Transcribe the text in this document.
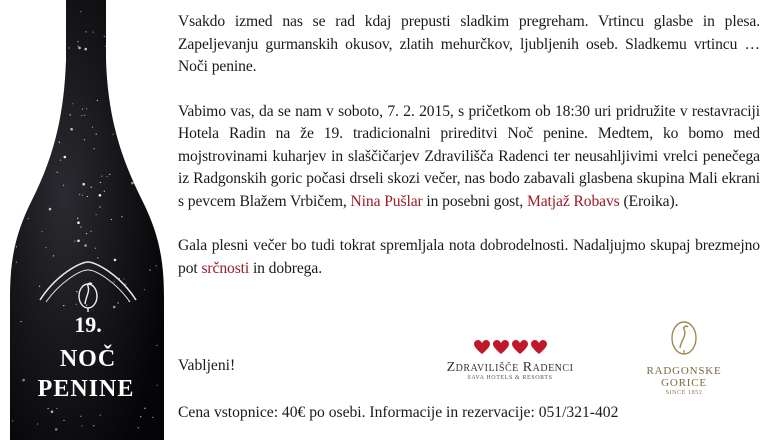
19.
NOČ
PENINE

Vsakdo izmed nas se rad kdaj prepusti sladkim pregreham. Vrtincu glasbe in plesa. Zapeljevanju gurmanskih okusov, zlatih mehurčkov, ljubljenih oseb. Sladkemu vrtincu … Noči penine.

Vabimo vas, da se nam v soboto, 7. 2. 2015, s pričetkom ob 18:30 uri pridružite v restavraciji Hotela Radin na že 19. tradicionalni prireditvi Noč penine. Medtem, ko bomo med mojstrovinami kuharjev in slaščičarjev Zdravilišča Radenci ter neusahljivimi vrelci penečega iz Radgonskih goric počasi drseli skozi večer, nas bodo zabavali glasbena skupina Mali ekrani s pevcem Blažem Vrbičem, Nina Pušlar in posebni gost, Matjaž Robavs (Eroika).

Gala plesni večer bo tudi tokrat spremljala nota dobrodelnosti. Nadaljujmo skupaj brezmejno pot srčnosti in dobrega.

Vabljeni!	Zdravilišče Radenci
SAVA HOTELS & RESORTS
RADGONSKE GORICE
SINCE 1852
Cena vstopnice: 40€ po osebi. Informacije in rezervacije: 051/321-402
